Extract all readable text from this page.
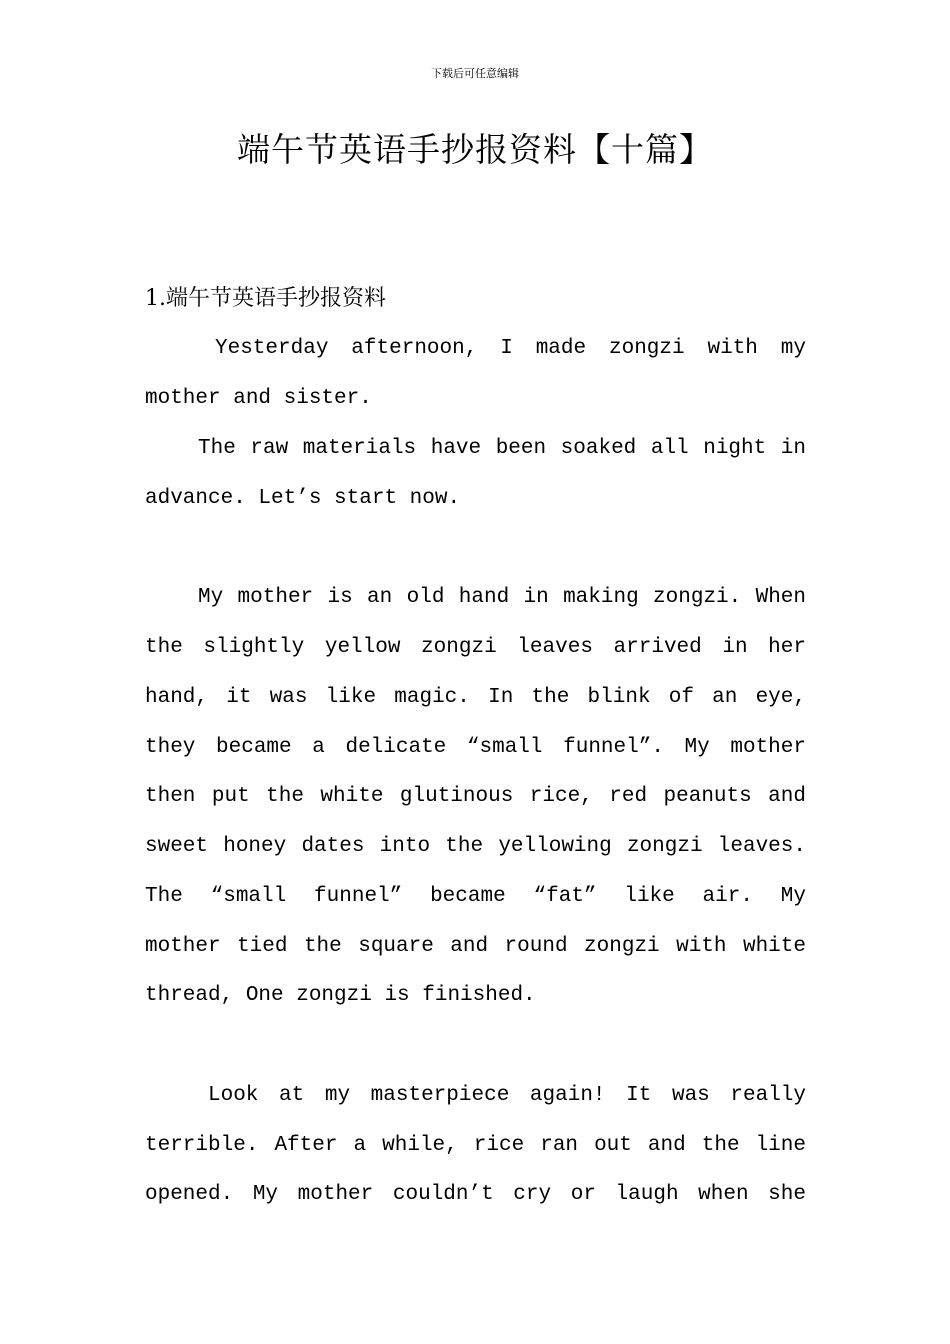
下载后可任意编辑
端午节英语手抄报资料【十篇】
1.端午节英语手抄报资料
Yesterday afternoon, I made zongzi with my
mother and sister.
The raw materials have been soaked all night in
advance. Let’s start now.
My mother is an old hand in making zongzi. When
the slightly yellow zongzi leaves arrived in her
hand, it was like magic. In the blink of an eye,
they became a delicate “small funnel”. My mother
then put the white glutinous rice, red peanuts and
sweet honey dates into the yellowing zongzi leaves.
The “small funnel” became “fat” like air. My
mother tied the square and round zongzi with white
thread, One zongzi is finished.
Look at my masterpiece again! It was really
terrible. After a while, rice ran out and the line
opened. My mother couldn’t cry or laugh when she
